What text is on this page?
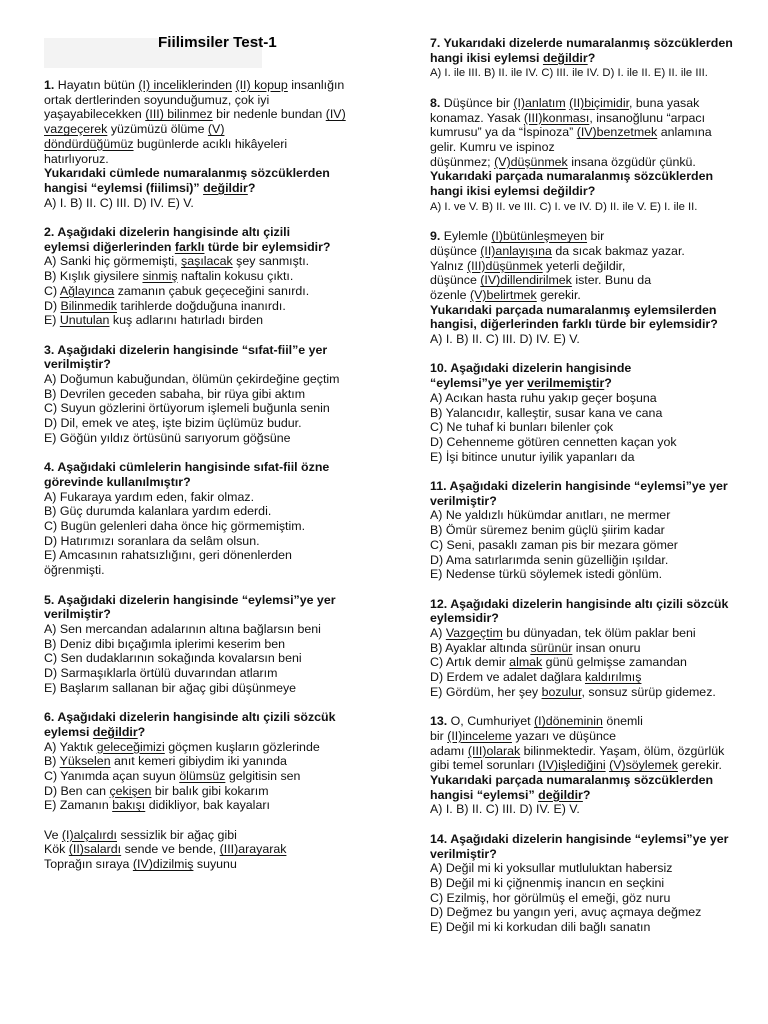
Fiilimsiler Test-1
1. Hayatın bütün (I) inceliklerinden (II) kopup insanlığın
ortak dertlerinden soyunduğumuz, çok iyi
yaşayabilecekken (III) bilinmez bir nedenle bundan (IV)
vazgeçerek yüzümüzü ölüme (V)
döndürdüğümüz bugünlerde acıklı hikâyeleri
hatırlıyoruz.
Yukarıdaki cümlede numaralanmış sözcüklerden
hangisi “eylemsi (fiilimsi)” değildir?
A) I. B) II. C) III. D) IV. E) V.
2. Aşağıdaki dizelerin hangisinde altı çizili
eylemsi diğerlerinden farklı türde bir eylemsidir?
A) Sanki hiç görmemişti, şaşılacak şey sanmıştı.
B) Kışlık giysilere sinmiş naftalin kokusu çıktı.
C) Ağlayınca zamanın çabuk geçeceğini sanırdı.
D) Bilinmedik tarihlerde doğduğuna inanırdı.
E) Unutulan kuş adlarını hatırladı birden
3. Aşağıdaki dizelerin hangisinde “sıfat-fiil”e yer
verilmiştir?
A) Doğumun kabuğundan, ölümün çekirdeğine geçtim
B) Devrilen geceden sabaha, bir rüya gibi aktım
C) Suyun gözlerini örtüyorum işlemeli buğunla senin
D) Dil, emek ve ateş, işte bizim üçlümüz budur.
E) Göğün yıldız örtüsünü sarıyorum göğsüne
4. Aşağıdaki cümlelerin hangisinde sıfat-fiil özne
görevinde kullanılmıştır?
A) Fukaraya yardım eden, fakir olmaz.
B) Güç durumda kalanlara yardım ederdi.
C) Bugün gelenleri daha önce hiç görmemiştim.
D) Hatırımızı soranlara da selâm olsun.
E) Amcasının rahatsızlığını, geri dönenlerden
öğrenmişti.
5. Aşağıdaki dizelerin hangisinde “eylemsi”ye yer
verilmiştir?
A) Sen mercandan adalarının altına bağlarsın beni
B) Deniz dibi bıçağımla iplerimi keserim ben
C) Sen dudaklarının sokağında kovalarsın beni
D) Sarmaşıklarla örtülü duvarından atlarım
E) Başlarım sallanan bir ağaç gibi düşünmeye
6. Aşağıdaki dizelerin hangisinde altı çizili sözcük
eylemsi değildir?
A) Yaktık geleceğimizi göçmen kuşların gözlerinde
B) Yükselen anıt kemeri gibiydim iki yanında
C) Yanımda açan suyun ölümsüz gelgitisin sen
D) Ben can çekişen bir balık gibi kokarım
E) Zamanın bakışı didikliyor, bak kayaları
Ve (I)alçalırdı sessizlik bir ağaç gibi
Kök (II)salardı sende ve bende, (III)arayarak
Toprağın sıraya (IV)dizilmiş suyunu
7. Yukarıdaki dizelerde numaralanmış sözcüklerden
hangi ikisi eylemsi değildir?
A) I. ile III. B) II. ile IV. C) III. ile IV. D) I. ile II. E) II. ile III.
8. Düşünce bir (I)anlatım (II)biçimidir, buna yasak
konamaz. Yasak (III)konması, insanoğlunu “arpacı
kumrusu” ya da “İspinoza” (IV)benzetmek anlamına
gelir. Kumru ve ispinoz
düşünmez; (V)düşünmek insana özgüdür çünkü.
Yukarıdaki parçada numaralanmış sözcüklerden
hangi ikisi eylemsi değildir?
A) I. ve V. B) II. ve III. C) I. ve IV. D) II. ile V. E) I. ile II.
9. Eylemle (I)bütünleşmeyen bir
düşünce (II)anlayışına da sıcak bakmaz yazar.
Yalnız (III)düşünmek yeterli değildir,
düşünce (IV)dillendirilmek ister. Bunu da
özenle (V)belirtmek gerekir.
Yukarıdaki parçada numaralanmış eylemsilerden
hangisi, diğerlerinden farklı türde bir eylemsidir?
A) I. B) II. C) III. D) IV. E) V.
10. Aşağıdaki dizelerin hangisinde
“eylemsi”ye yer verilmemiştir?
A) Acıkan hasta ruhu yakıp geçer boşuna
B) Yalancıdır, kalleştir, susar kana ve cana
C) Ne tuhaf ki bunları bilenler çok
D) Cehenneme götüren cennetten kaçan yok
E) İşi bitince unutur iyilik yapanları da
11. Aşağıdaki dizelerin hangisinde “eylemsi”ye yer
verilmiştir?
A) Ne yaldızlı hükümdar anıtları, ne mermer
B) Ömür süremez benim güçlü şiirim kadar
C) Seni, pasaklı zaman pis bir mezara gömer
D) Ama satırlarımda senin güzelliğin ışıldar.
E) Nedense türkü söylemek istedi gönlüm.
12. Aşağıdaki dizelerin hangisinde altı çizili sözcük
eylemsidir?
A) Vazgeçtim bu dünyadan, tek ölüm paklar beni
B) Ayaklar altında sürünür insan onuru
C) Artık demir almak günü gelmişse zamandan
D) Erdem ve adalet dağlara kaldırılmış
E) Gördüm, her şey bozulur, sonsuz sürüp gidemez.
13. O, Cumhuriyet (I)döneminin önemli
bir (II)inceleme yazarı ve düşünce
adamı (III)olarak bilinmektedir. Yaşam, ölüm, özgürlük
gibi temel sorunları (IV)işlediğini (V)söylemek gerekir.
Yukarıdaki parçada numaralanmış sözcüklerden
hangisi “eylemsi” değildir?
A) I. B) II. C) III. D) IV. E) V.
14. Aşağıdaki dizelerin hangisinde “eylemsi”ye yer
verilmiştir?
A) Değil mi ki yoksullar mutluluktan habersiz
B) Değil mi ki çiğnenmiş inancın en seçkini
C) Ezilmiş, hor görülmüş el emeği, göz nuru
D) Değmez bu yangın yeri, avuç açmaya değmez
E) Değil mi ki korkudan dili bağlı sanatın
